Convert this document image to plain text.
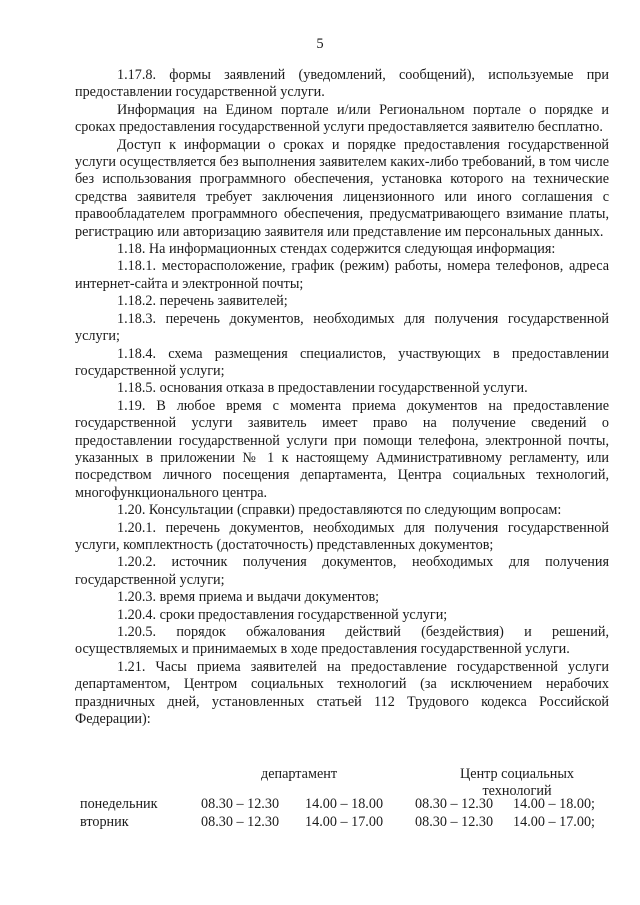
5

1.17.8. формы заявлений (уведомлений, сообщений), используемые при предоставлении государственной услуги.

Информация на Едином портале и/или Региональном портале о порядке и сроках предоставления государственной услуги предоставляется заявителю бесплатно.

Доступ к информации о сроках и порядке предоставления государственной услуги осуществляется без выполнения заявителем каких-либо требований, в том числе без использования программного обеспечения, установка которого на технические средства заявителя требует заключения лицензионного или иного соглашения с правообладателем программного обеспечения, предусматривающего взимание платы, регистрацию или авторизацию заявителя или представление им персональных данных.

1.18. На информационных стендах содержится следующая информация:

1.18.1. месторасположение, график (режим) работы, номера телефонов, адреса интернет-сайта и электронной почты;

1.18.2. перечень заявителей;

1.18.3. перечень документов, необходимых для получения государственной услуги;

1.18.4. схема размещения специалистов, участвующих в предоставлении государственной услуги;

1.18.5. основания отказа в предоставлении государственной услуги.

1.19. В любое время с момента приема документов на предоставление государственной услуги заявитель имеет право на получение сведений о предоставлении государственной услуги при помощи телефона, электронной почты, указанных в приложении № 1 к настоящему Административному регламенту, или посредством личного посещения департамента, Центра социальных технологий, многофункционального центра.

1.20. Консультации (справки) предоставляются по следующим вопросам:

1.20.1. перечень документов, необходимых для получения государственной услуги, комплектность (достаточность) представленных документов;

1.20.2. источник получения документов, необходимых для получения государственной услуги;

1.20.3. время приема и выдачи документов;

1.20.4. сроки предоставления государственной услуги;

1.20.5. порядок обжалования действий (бездействия) и решений, осуществляемых и принимаемых в ходе предоставления государственной услуги.

1.21. Часы приема заявителей на предоставление государственной услуги департаментом, Центром социальных технологий (за исключением нерабочих праздничных дней, установленных статьей 112 Трудового кодекса Российской Федерации):

департамент	Центр социальных
технологий
понедельник	08.30 – 12.30 14.00 – 18.00 08.30 – 12.30 14.00 – 18.00;
вторник	08.30 – 12.30 14.00 – 17.00 08.30 – 12.30 14.00 – 17.00;
